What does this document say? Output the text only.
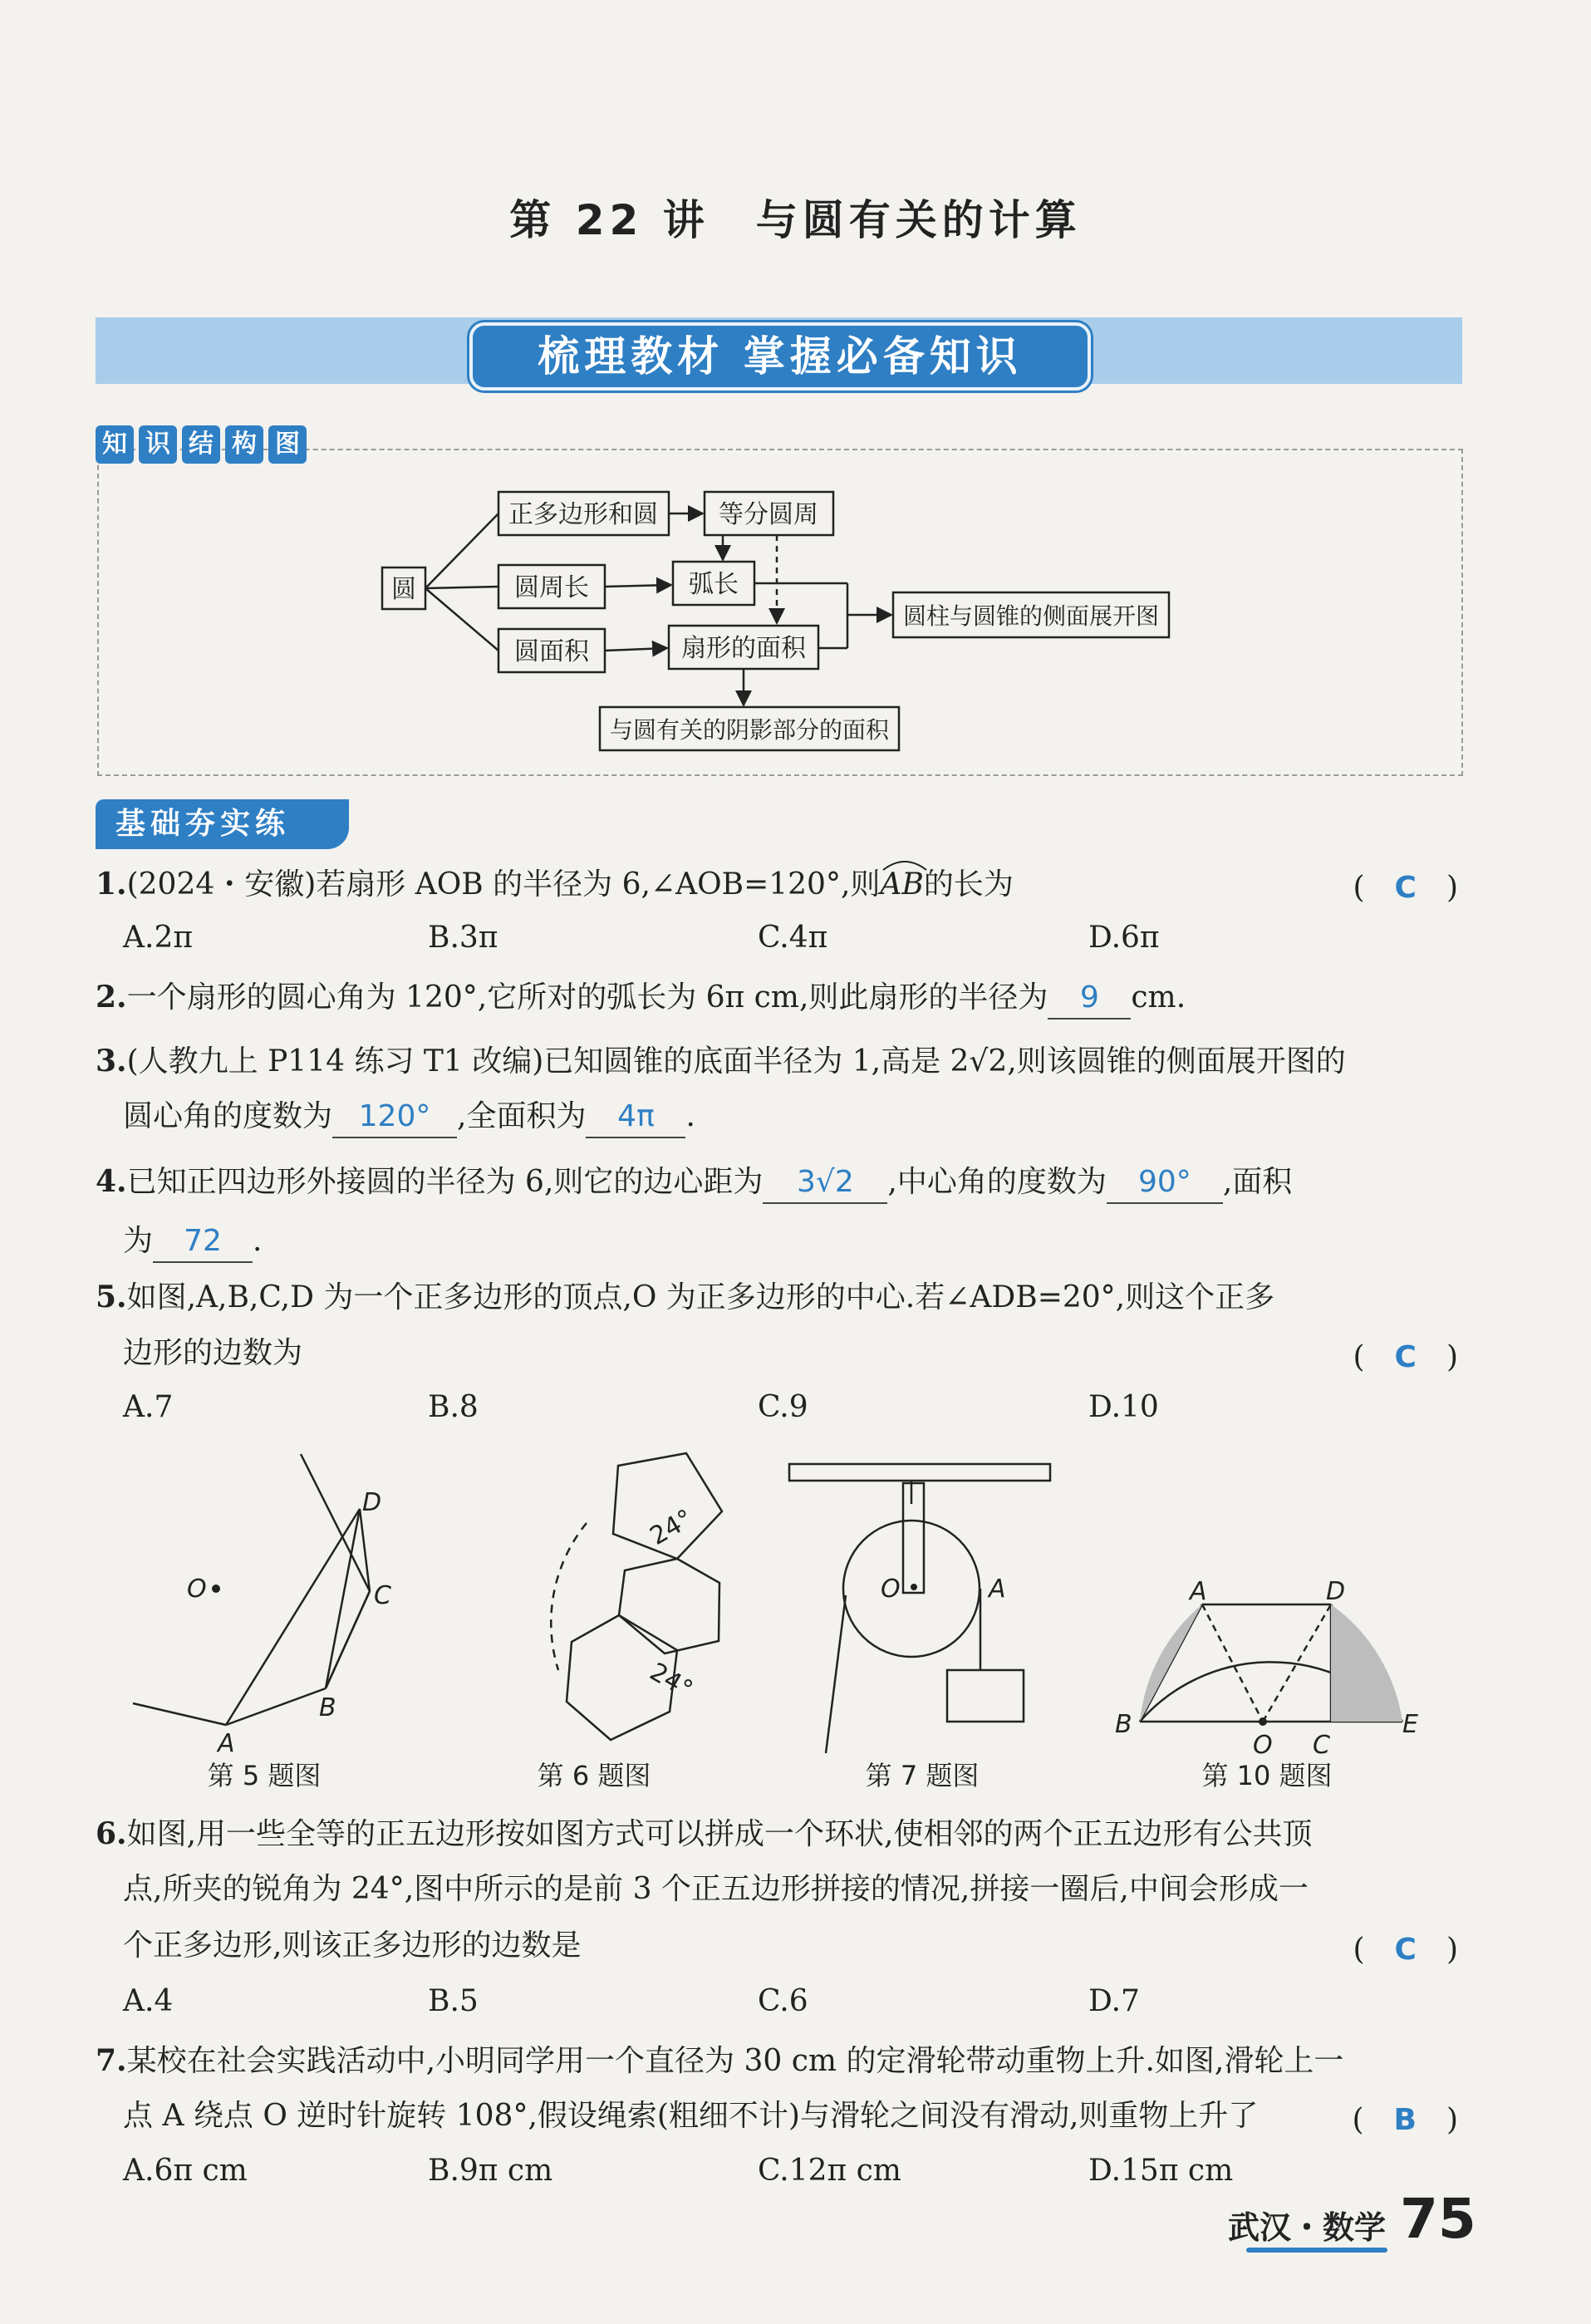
第 22 讲　与圆有关的计算
梳理教材 掌握必备知识
知 识 结 构 图
圆
正多边形和圆 等分圆周
圆周长	弧长
圆面积	扇形的面积
圆柱与圆锥的侧面展开图
与圆有关的阴影部分的面积
基础夯实练
1.(2024・安徽)若扇形 AOB 的半径为 6,∠AOB=120°,则
AB的长为	(　C　)
A.2π	B.3π	C.4π	D.6π
2.一个扇形的圆心角为 120°,它所对的弧长为 6π cm,则此扇形的半径为 9 cm.
3.(人教九上 P114 练习 T1 改编)已知圆锥的底面半径为 1,高是 2√2,则该圆锥的侧面展开图的
圆心角的度数为 120° ,全面积为 4π .
4.已知正四边形外接圆的半径为 6,则它的边心距为 3√2 ,中心角的度数为 90° ,面积
为 72 .
5.如图,A,B,C,D 为一个正多边形的顶点,O 为正多边形的中心.若∠ADB=20°,则这个正多
边形的边数为	(　C　)
A.7	B.8	C.9	D.10
O
A
B
C
D
24°
24°
O	A	A	D
B
O C
E
第 5 题图	第 6 题图	第 7 题图	第 10 题图
6.如图,用一些全等的正五边形按如图方式可以拼成一个环状,使相邻的两个正五边形有公共顶
点,所夹的锐角为 24°,图中所示的是前 3 个正五边形拼接的情况,拼接一圈后,中间会形成一
个正多边形,则该正多边形的边数是	(　C　)
A.4	B.5	C.6	D.7
7.某校在社会实践活动中,小明同学用一个直径为 30 cm 的定滑轮带动重物上升.如图,滑轮上一
点 A 绕点 O 逆时针旋转 108°,假设绳索(粗细不计)与滑轮之间没有滑动,则重物上升了	(　B　)
A.6π cm	B.9π cm	C.12π cm	D.15π cm
武汉・数学 75
